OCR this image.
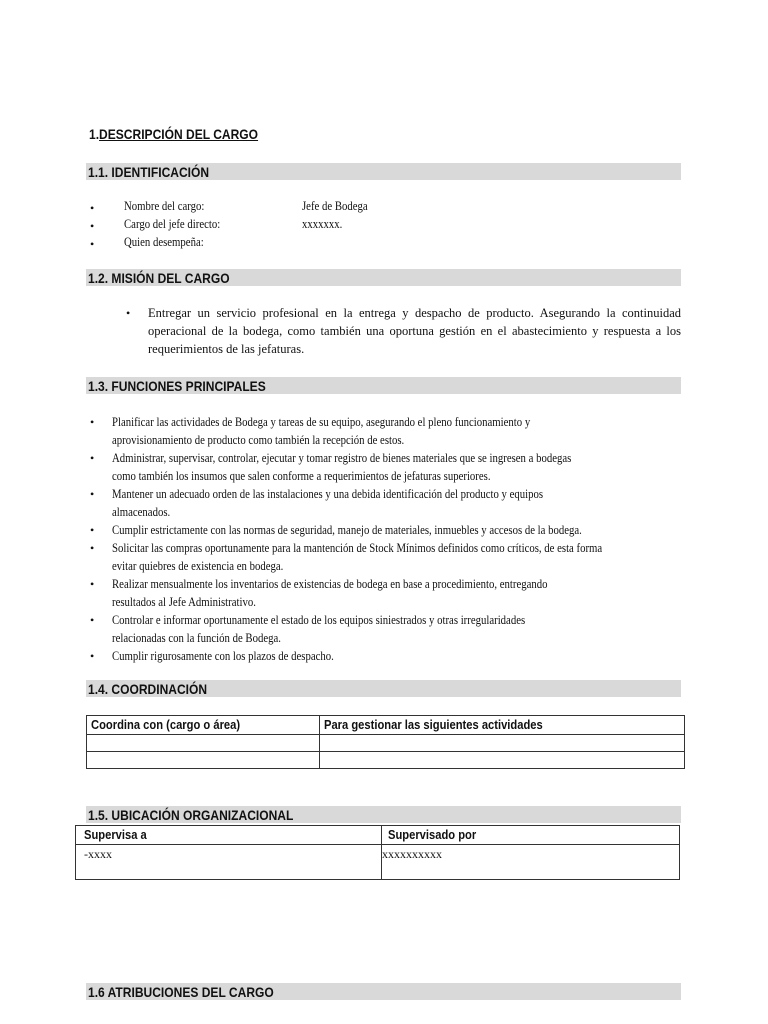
1.DESCRIPCIÓN DEL CARGO
1.1. IDENTIFICACIÓN
• Nombre del cargo:	Jefe de Bodega
• Cargo del jefe directo:	xxxxxxx.
• Quien desempeña:
1.2. MISIÓN DEL CARGO
• Entregar un servicio profesional en la entrega y despacho de producto. Asegurando la continuidad operacional de la bodega, como también una oportuna gestión en el abastecimiento y respuesta a los requerimientos de las jefaturas.
1.3. FUNCIONES PRINCIPALES
• Planificar las actividades de Bodega y tareas de su equipo, asegurando el pleno funcionamiento y
aprovisionamiento de producto como también la recepción de estos.
• Administrar, supervisar, controlar, ejecutar y tomar registro de bienes materiales que se ingresen a bodegas
como también los insumos que salen conforme a requerimientos de jefaturas superiores.
• Mantener un adecuado orden de las instalaciones y una debida identificación del producto y equipos
almacenados.
• Cumplir estrictamente con las normas de seguridad, manejo de materiales, inmuebles y accesos de la bodega.
• Solicitar las compras oportunamente para la mantención de Stock Mínimos definidos como críticos, de esta forma
evitar quiebres de existencia en bodega.
• Realizar mensualmente los inventarios de existencias de bodega en base a procedimiento, entregando
resultados al Jefe Administrativo.
• Controlar e informar oportunamente el estado de los equipos siniestrados y otras irregularidades
relacionadas con la función de Bodega.
• Cumplir rigurosamente con los plazos de despacho.
1.4. COORDINACIÓN
Coordina con (cargo o área)	Para gestionar las siguientes actividades

1.5. UBICACIÓN ORGANIZACIONAL
Supervisa a	Supervisado por
-xxxx	xxxxxxxxxx
1.6 ATRIBUCIONES DEL CARGO
